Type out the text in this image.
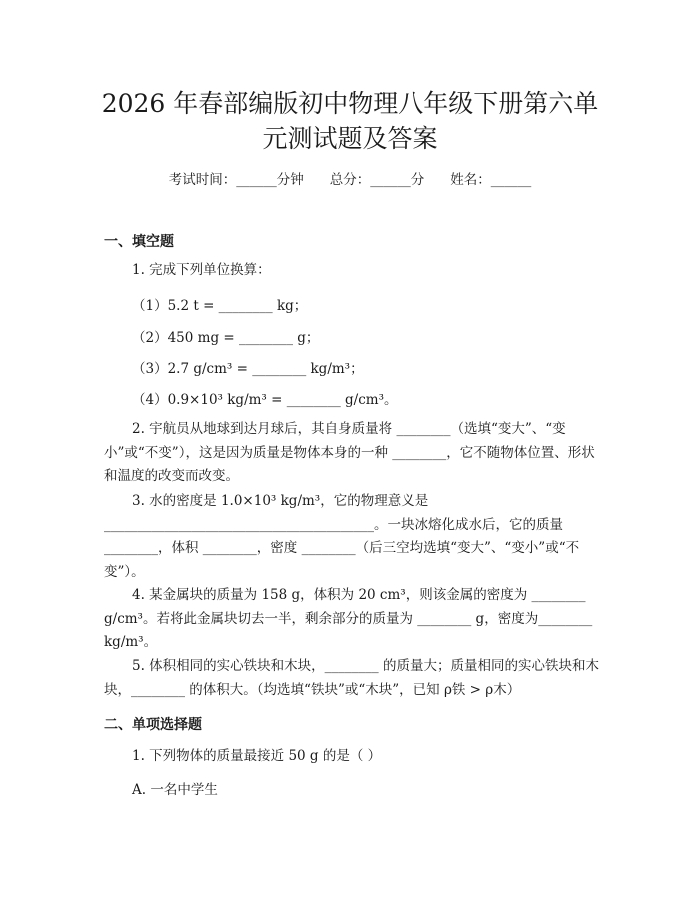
2026 年春部编版初中物理八年级下册第六单
元测试题及答案
考试时间：______分钟 总分：______分 姓名：______
一、填空题
1. 完成下列单位换算：
（1）5.2 t = ________ kg；
（2）450 mg = ________ g；
（3）2.7 g/cm³ = ________ kg/m³；
（4）0.9×10³ kg/m³ = ________ g/cm³。
2. 宇航员从地球到达月球后，其自身质量将 ________（选填“变大”、“变小”或“不变”），这是因为质量是物体本身的一种 ________，它不随物体位置、形状和温度的改变而改变。
3. 水的密度是 1.0×10³ kg/m³，它的物理意义是________________________________________。一块冰熔化成水后，它的质量________，体积 ________，密度 ________（后三空均选填“变大”、“变小”或“不变”）。
4. 某金属块的质量为 158 g，体积为 20 cm³，则该金属的密度为 ________ g/cm³。若将此金属块切去一半，剩余部分的质量为 ________ g，密度为________ kg/m³。
5. 体积相同的实心铁块和木块，________ 的质量大；质量相同的实心铁块和木块，________ 的体积大。（均选填“铁块”或“木块”，已知 ρ铁 > ρ木）
二、单项选择题
1. 下列物体的质量最接近 50 g 的是（ ）
A. 一名中学生
